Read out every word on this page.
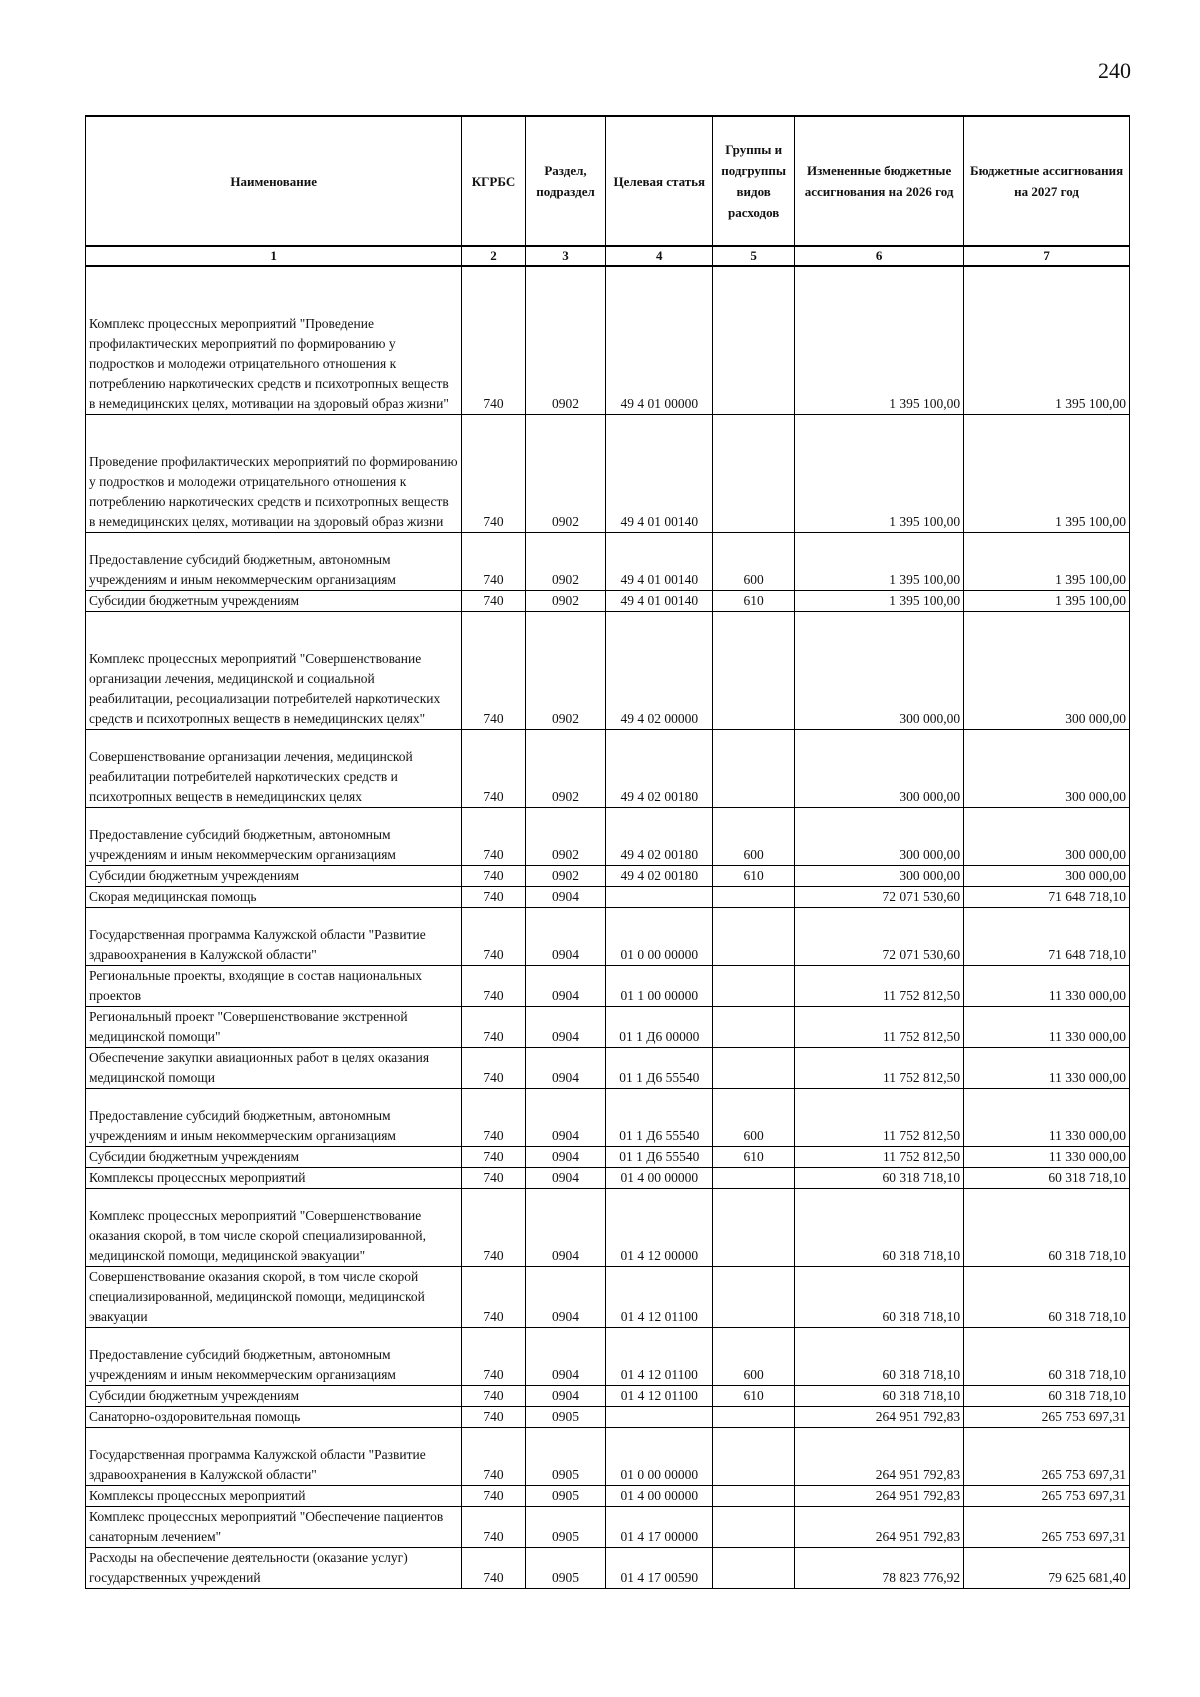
240
Наименование	КГРБС	Раздел, подраздел	Целевая статья	Группы и подгруппы видов расходов	Измененные бюджетные ассигнования на 2026 год	Бюджетные ассигнования на 2027 год
1	2	3	4	5	6	7
Комплекс процессных мероприятий "Проведение профилактических мероприятий по формированию у подростков и молодежи отрицательного отношения к потреблению наркотических средств и психотропных веществ в немедицинских целях, мотивации на здоровый образ жизни"	740	0902	49 4 01 00000		1 395 100,00	1 395 100,00
Проведение профилактических мероприятий по формированию у подростков и молодежи отрицательного отношения к потреблению наркотических средств и психотропных веществ в немедицинских целях, мотивации на здоровый образ жизни	740	0902	49 4 01 00140		1 395 100,00	1 395 100,00
Предоставление субсидий бюджетным, автономным учреждениям и иным некоммерческим организациям	740	0902	49 4 01 00140	600	1 395 100,00	1 395 100,00
Субсидии бюджетным учреждениям	740	0902	49 4 01 00140	610	1 395 100,00	1 395 100,00
Комплекс процессных мероприятий "Совершенствование организации лечения, медицинской и социальной реабилитации, ресоциализации потребителей наркотических средств и психотропных веществ в немедицинских целях"	740	0902	49 4 02 00000		300 000,00	300 000,00
Совершенствование организации лечения, медицинской реабилитации потребителей наркотических средств и психотропных веществ в немедицинских целях	740	0902	49 4 02 00180		300 000,00	300 000,00
Предоставление субсидий бюджетным, автономным учреждениям и иным некоммерческим организациям	740	0902	49 4 02 00180	600	300 000,00	300 000,00
Субсидии бюджетным учреждениям	740	0902	49 4 02 00180	610	300 000,00	300 000,00
Скорая медицинская помощь	740	0904			72 071 530,60	71 648 718,10
Государственная программа Калужской области "Развитие здравоохранения в Калужской области"	740	0904	01 0 00 00000		72 071 530,60	71 648 718,10
Региональные проекты, входящие в состав национальных проектов	740	0904	01 1 00 00000		11 752 812,50	11 330 000,00
Региональный проект "Совершенствование экстренной медицинской помощи"	740	0904	01 1 Д6 00000		11 752 812,50	11 330 000,00
Обеспечение закупки авиационных работ в целях оказания медицинской помощи	740	0904	01 1 Д6 55540		11 752 812,50	11 330 000,00
Предоставление субсидий бюджетным, автономным учреждениям и иным некоммерческим организациям	740	0904	01 1 Д6 55540	600	11 752 812,50	11 330 000,00
Субсидии бюджетным учреждениям	740	0904	01 1 Д6 55540	610	11 752 812,50	11 330 000,00
Комплексы процессных мероприятий	740	0904	01 4 00 00000		60 318 718,10	60 318 718,10
Комплекс процессных мероприятий "Совершенствование оказания скорой, в том числе скорой специализированной, медицинской помощи, медицинской эвакуации"	740	0904	01 4 12 00000		60 318 718,10	60 318 718,10
Совершенствование оказания скорой, в том числе скорой специализированной, медицинской помощи, медицинской эвакуации	740	0904	01 4 12 01100		60 318 718,10	60 318 718,10
Предоставление субсидий бюджетным, автономным учреждениям и иным некоммерческим организациям	740	0904	01 4 12 01100	600	60 318 718,10	60 318 718,10
Субсидии бюджетным учреждениям	740	0904	01 4 12 01100	610	60 318 718,10	60 318 718,10
Санаторно-оздоровительная помощь	740	0905			264 951 792,83	265 753 697,31
Государственная программа Калужской области "Развитие здравоохранения в Калужской области"	740	0905	01 0 00 00000		264 951 792,83	265 753 697,31
Комплексы процессных мероприятий	740	0905	01 4 00 00000		264 951 792,83	265 753 697,31
Комплекс процессных мероприятий "Обеспечение пациентов санаторным лечением"	740	0905	01 4 17 00000		264 951 792,83	265 753 697,31
Расходы на обеспечение деятельности (оказание услуг) государственных учреждений	740	0905	01 4 17 00590		78 823 776,92	79 625 681,40
